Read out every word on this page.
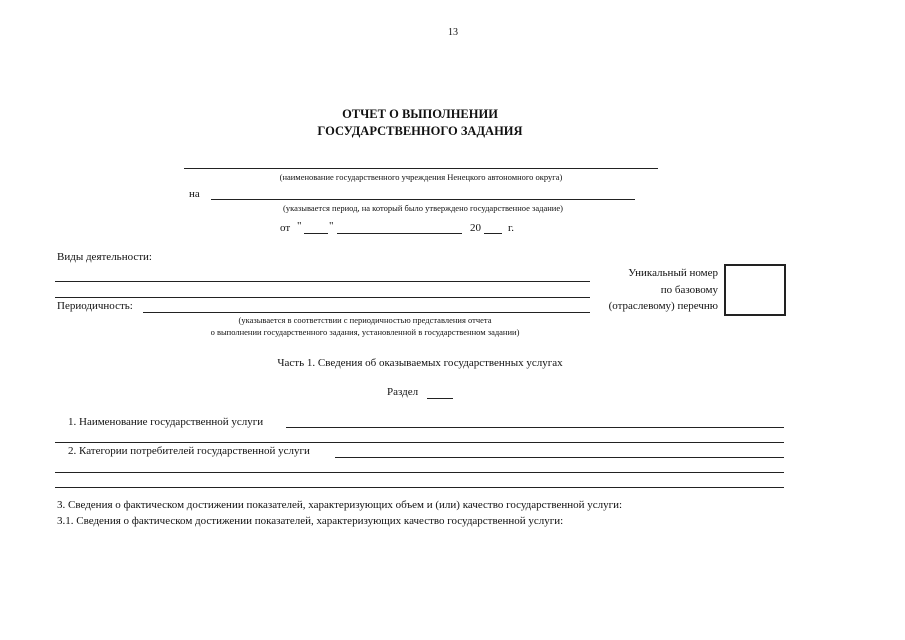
13
ОТЧЕТ О ВЫПОЛНЕНИИ
ГОСУДАРСТВЕННОГО ЗАДАНИЯ
(наименование государственного учреждения Ненецкого автономного округа)
на
(указывается период, на который было утверждено государственное задание)
от "	"	20 г.
Виды деятельности:
Периодичность:
(указывается в соответствии с периодичностью представления отчета
о выполнении государственного задания, установленной в государственном задании)
Уникальный номер
по базовому
(отраслевому) перечню
Часть 1. Сведения об оказываемых государственных услугах
Раздел
1. Наименование государственной услуги
2. Категории потребителей государственной услуги
3. Сведения о фактическом достижении показателей, характеризующих объем и (или) качество государственной услуги:
3.1. Сведения о фактическом достижении показателей, характеризующих качество государственной услуги:
